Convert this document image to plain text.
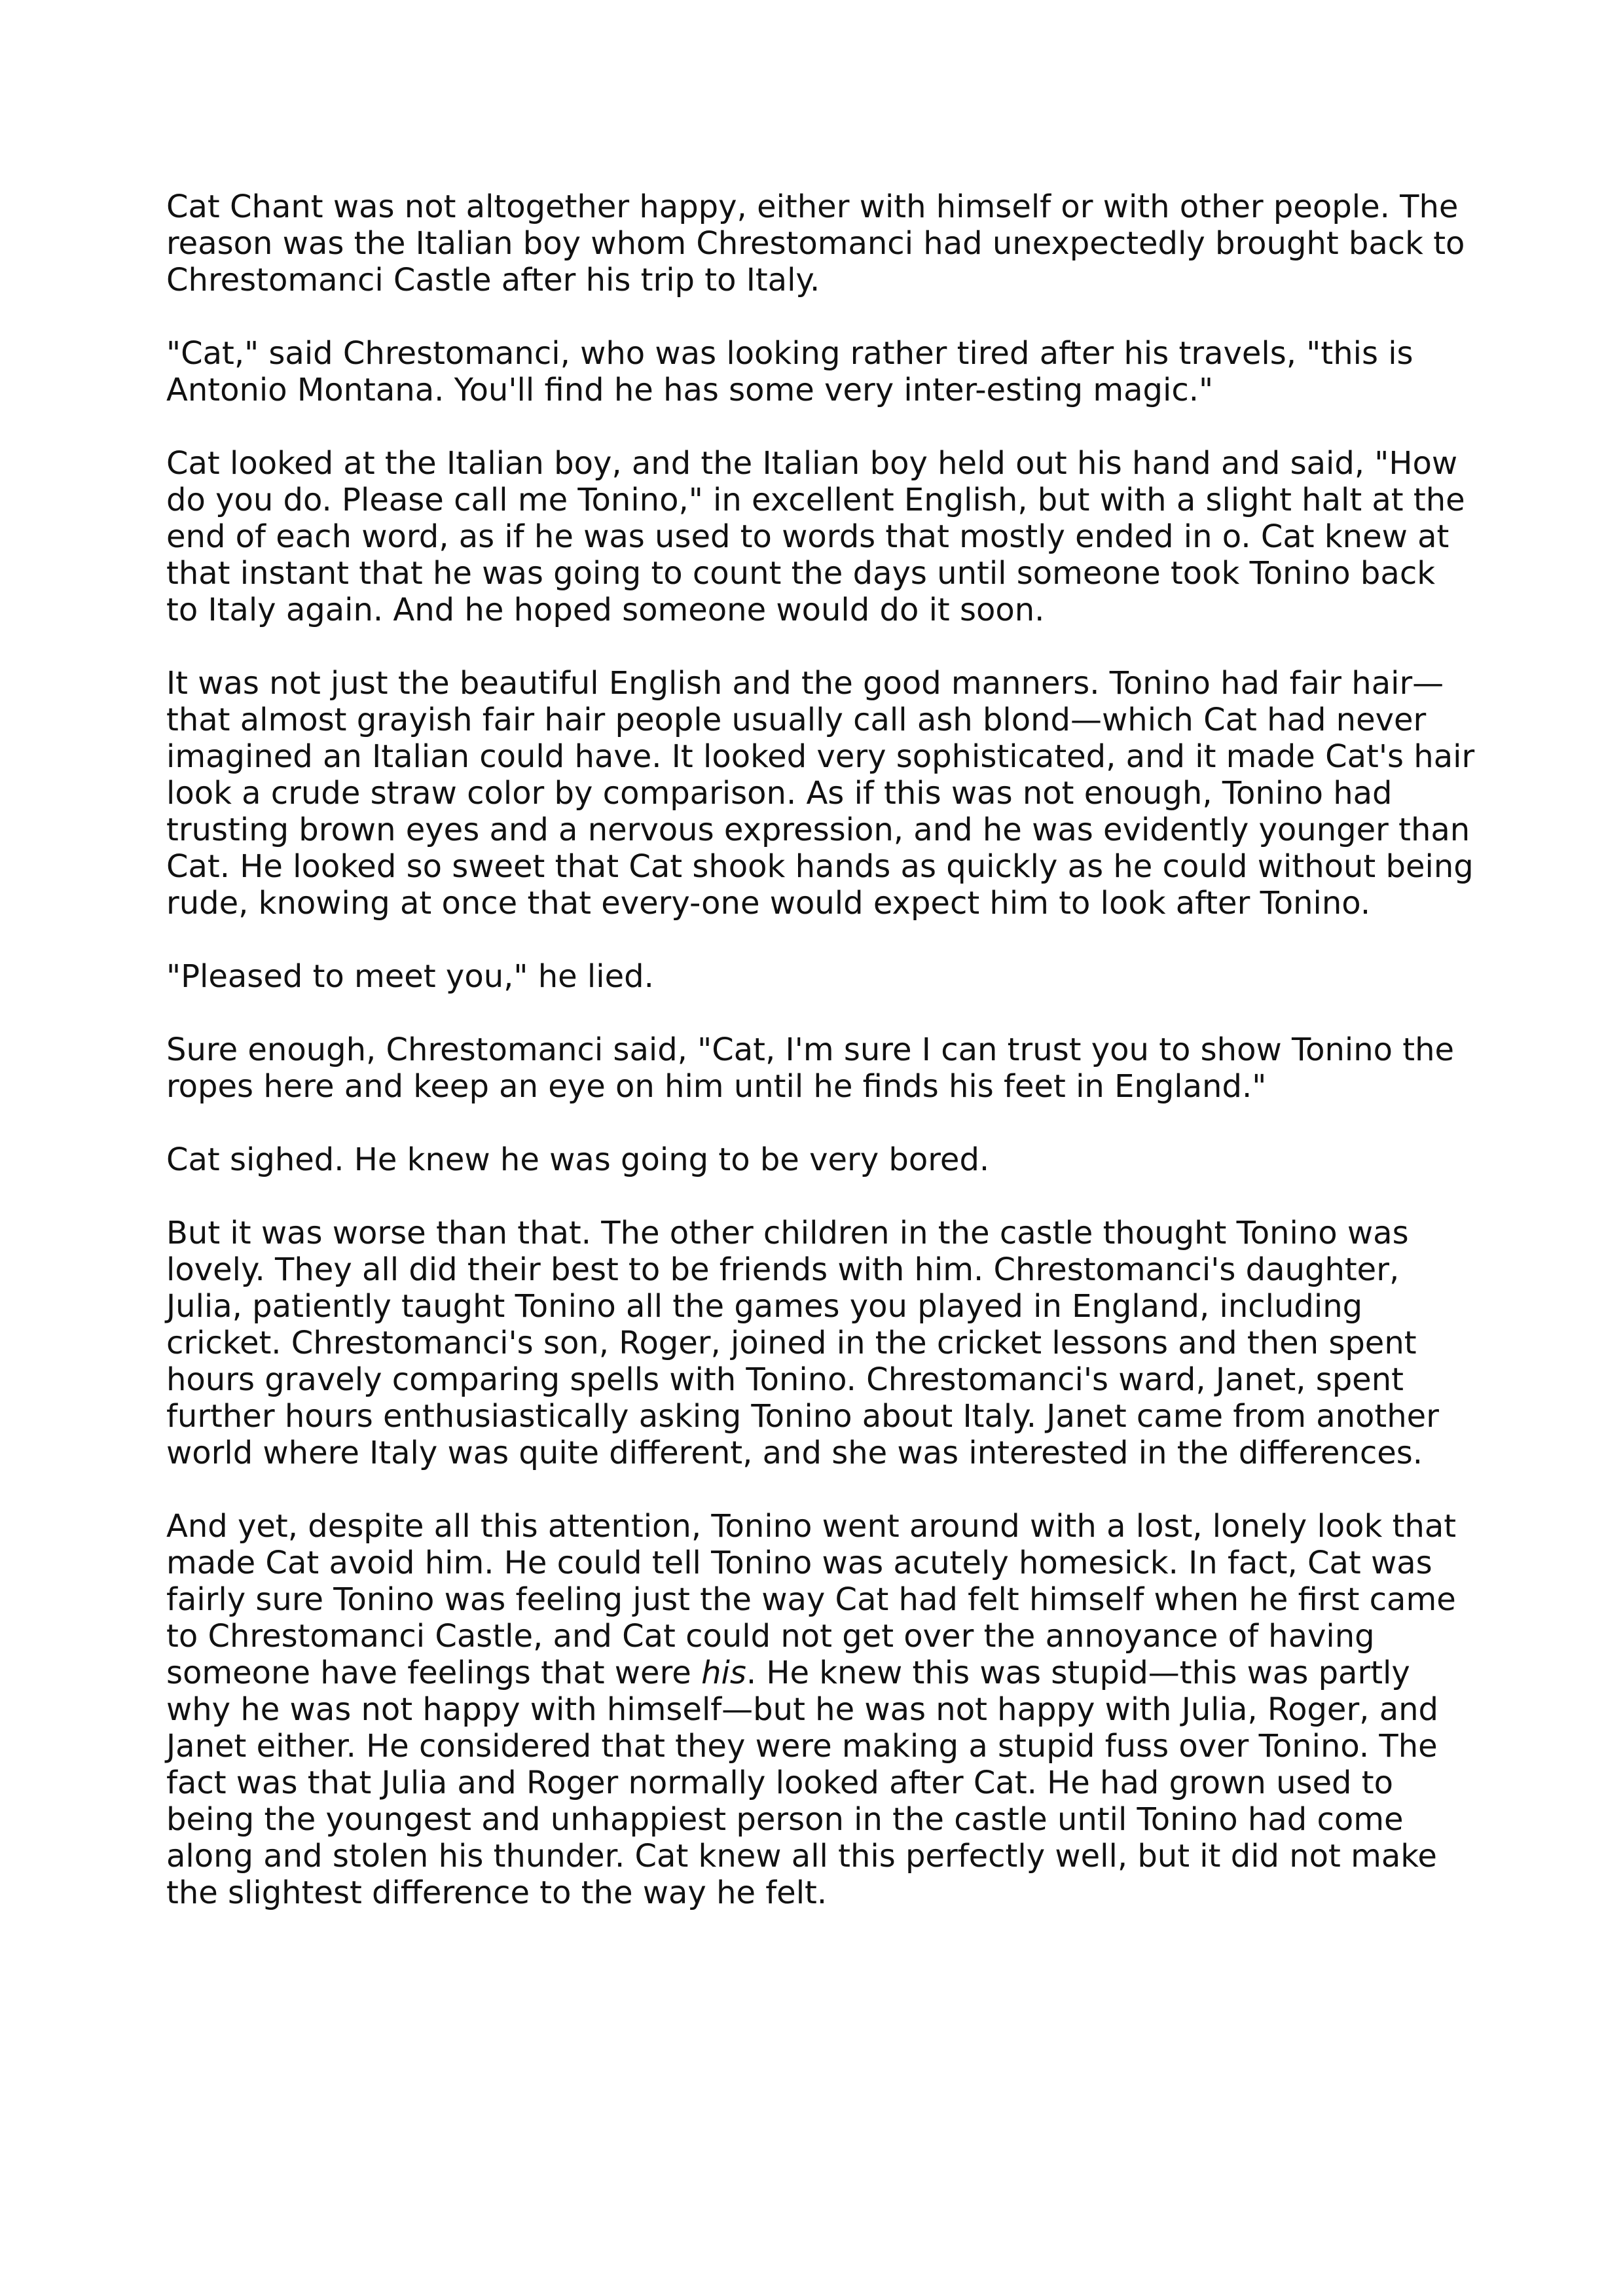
Cat Chant was not altogether happy, either with himself or with other people. The reason was the Italian boy whom Chrestomanci had unexpectedly brought back to Chrestomanci Castle after his trip to Italy.

"Cat," said Chrestomanci, who was looking rather tired after his travels, "this is Antonio Montana. You'll find he has some very inter-esting magic."

Cat looked at the Italian boy, and the Italian boy held out his hand and said, "How do you do. Please call me Tonino," in excellent English, but with a slight halt at the end of each word, as if he was used to words that mostly ended in o. Cat knew at that instant that he was going to count the days until someone took Tonino back to Italy again. And he hoped someone would do it soon.

It was not just the beautiful English and the good manners. Tonino had fair hair—that almost grayish fair hair people usually call ash blond—which Cat had never imagined an Italian could have. It looked very sophisticated, and it made Cat's hair look a crude straw color by comparison. As if this was not enough, Tonino had trusting brown eyes and a nervous expression, and he was evidently younger than Cat. He looked so sweet that Cat shook hands as quickly as he could without being rude, knowing at once that every-one would expect him to look after Tonino.

"Pleased to meet you," he lied.

Sure enough, Chrestomanci said, "Cat, I'm sure I can trust you to show Tonino the ropes here and keep an eye on him until he finds his feet in England."

Cat sighed. He knew he was going to be very bored.

But it was worse than that. The other children in the castle thought Tonino was lovely. They all did their best to be friends with him. Chrestomanci's daughter, Julia, patiently taught Tonino all the games you played in England, including cricket. Chrestomanci's son, Roger, joined in the cricket lessons and then spent hours gravely comparing spells with Tonino. Chrestomanci's ward, Janet, spent further hours enthusiastically asking Tonino about Italy. Janet came from another world where Italy was quite different, and she was interested in the differences.

And yet, despite all this attention, Tonino went around with a lost, lonely look that made Cat avoid him. He could tell Tonino was acutely homesick. In fact, Cat was fairly sure Tonino was feeling just the way Cat had felt himself when he first came to Chrestomanci Castle, and Cat could not get over the annoyance of having someone have feelings that were his. He knew this was stupid—this was partly why he was not happy with himself—but he was not happy with Julia, Roger, and Janet either. He considered that they were making a stupid fuss over Tonino. The fact was that Julia and Roger normally looked after Cat. He had grown used to being the youngest and unhappiest person in the castle until Tonino had come along and stolen his thunder. Cat knew all this perfectly well, but it did not make the slightest difference to the way he felt.
